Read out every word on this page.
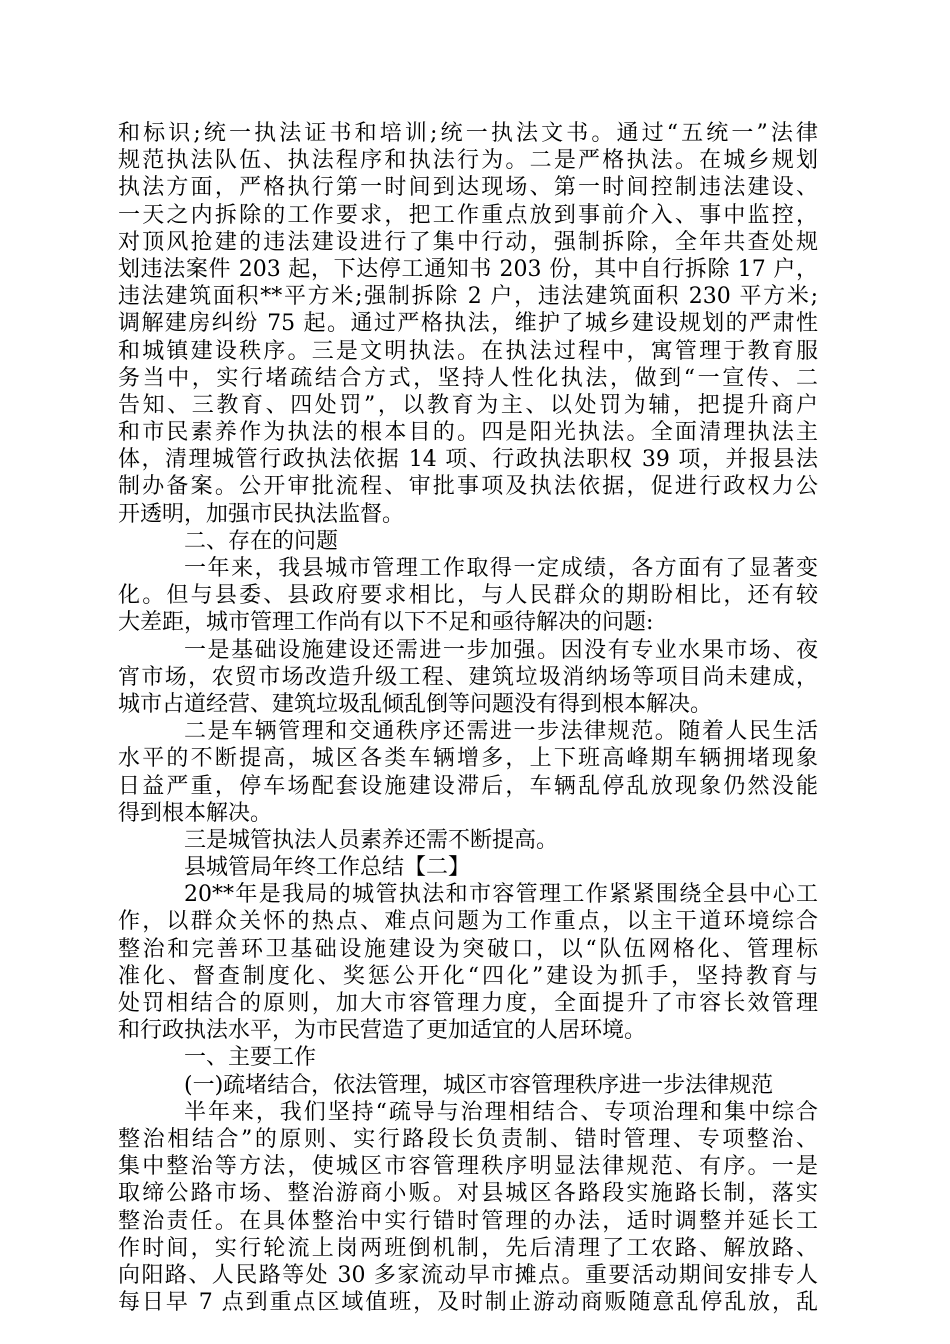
和标识;统一执法证书和培训;统一执法文书。通过“五统一”法律
规范执法队伍、执法程序和执法行为。二是严格执法。在城乡规划
执法方面，严格执行第一时间到达现场、第一时间控制违法建设、
一天之内拆除的工作要求，把工作重点放到事前介入、事中监控，
对顶风抢建的违法建设进行了集中行动，强制拆除，全年共查处规
划违法案件 203 起，下达停工通知书 203 份，其中自行拆除 17 户，
违法建筑面积**平方米;强制拆除 2 户，违法建筑面积 230 平方米;
调解建房纠纷 75 起。通过严格执法，维护了城乡建设规划的严肃性
和城镇建设秩序。三是文明执法。在执法过程中，寓管理于教育服
务当中，实行堵疏结合方式，坚持人性化执法，做到“一宣传、二
告知、三教育、四处罚”，以教育为主、以处罚为辅，把提升商户
和市民素养作为执法的根本目的。四是阳光执法。全面清理执法主
体，清理城管行政执法依据 14 项、行政执法职权 39 项，并报县法
制办备案。公开审批流程、审批事项及执法依据，促进行政权力公
开透明，加强市民执法监督。
二、存在的问题
一年来，我县城市管理工作取得一定成绩，各方面有了显著变
化。但与县委、县政府要求相比，与人民群众的期盼相比，还有较
大差距，城市管理工作尚有以下不足和亟待解决的问题:
一是基础设施建设还需进一步加强。因没有专业水果市场、夜
宵市场，农贸市场改造升级工程、建筑垃圾消纳场等项目尚未建成，
城市占道经营、建筑垃圾乱倾乱倒等问题没有得到根本解决。
二是车辆管理和交通秩序还需进一步法律规范。随着人民生活
水平的不断提高，城区各类车辆增多，上下班高峰期车辆拥堵现象
日益严重，停车场配套设施建设滞后，车辆乱停乱放现象仍然没能
得到根本解决。
三是城管执法人员素养还需不断提高。
县城管局年终工作总结【二】
20**年是我局的城管执法和市容管理工作紧紧围绕全县中心工
作，以群众关怀的热点、难点问题为工作重点，以主干道环境综合
整治和完善环卫基础设施建设为突破口，以“队伍网格化、管理标
准化、督查制度化、奖惩公开化“四化”建设为抓手，坚持教育与
处罚相结合的原则，加大市容管理力度，全面提升了市容长效管理
和行政执法水平，为市民营造了更加适宜的人居环境。
一、主要工作
(一)疏堵结合，依法管理，城区市容管理秩序进一步法律规范
半年来，我们坚持“疏导与治理相结合、专项治理和集中综合
整治相结合”的原则、实行路段长负责制、错时管理、专项整治、
集中整治等方法，使城区市容管理秩序明显法律规范、有序。一是
取缔公路市场、整治游商小贩。对县城区各路段实施路长制，落实
整治责任。在具体整治中实行错时管理的办法，适时调整并延长工
作时间，实行轮流上岗两班倒机制，先后清理了工农路、解放路、
向阳路、人民路等处 30 多家流动早市摊点。重要活动期间安排专人
每日早 7 点到重点区域值班，及时制止游动商贩随意乱停乱放，乱
